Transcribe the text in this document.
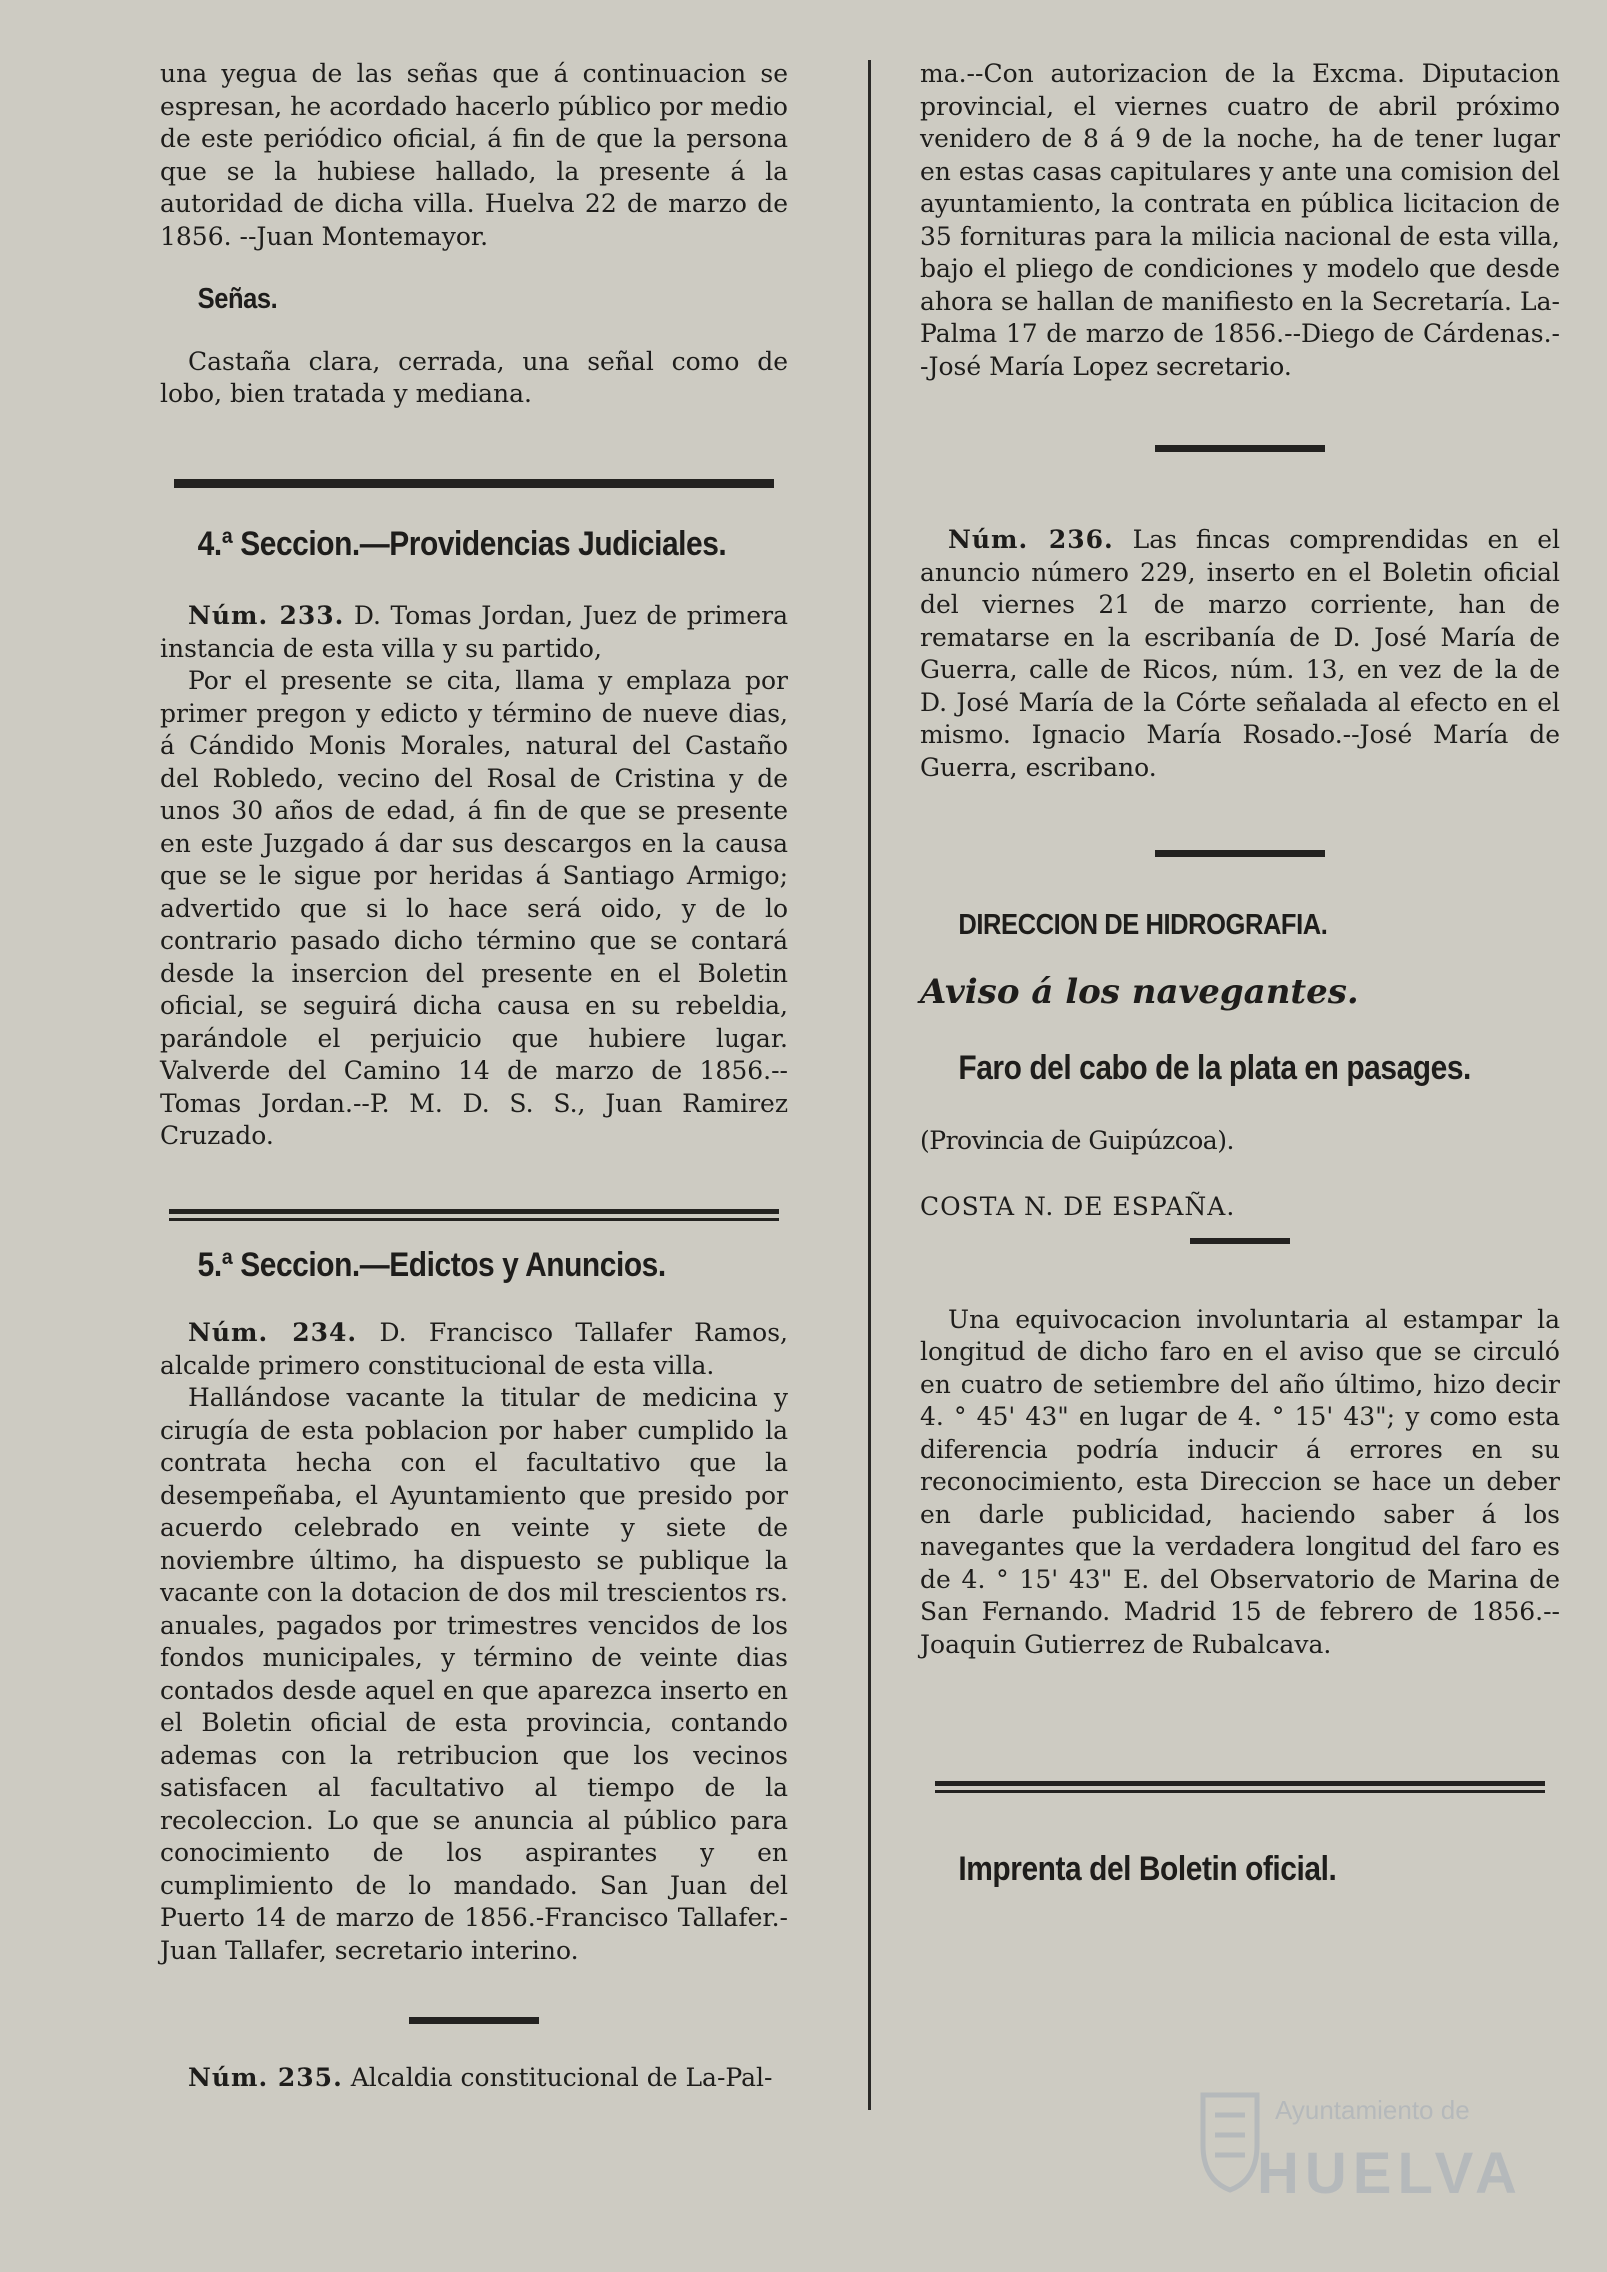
una yegua de las señas que á continuacion se espresan, he acordado hacerlo público por medio de este periódico oficial, á fin de que la persona que se la hubiese hallado, la presente á la autoridad de dicha villa. Huelva 22 de marzo de 1856. --Juan Montemayor.

Señas.

Castaña clara, cerrada, una señal como de lobo, bien tratada y mediana.

4.ª Seccion.—Providencias Judiciales.

Núm. 233. D. Tomas Jordan, Juez de primera instancia de esta villa y su partido,

Por el presente se cita, llama y emplaza por primer pregon y edicto y término de nueve dias, á Cándido Monis Morales, natural del Castaño del Robledo, vecino del Rosal de Cristina y de unos 30 años de edad, á fin de que se presente en este Juzgado á dar sus descargos en la causa que se le sigue por heridas á Santiago Armigo; advertido que si lo hace será oido, y de lo contrario pasado dicho término que se contará desde la insercion del presente en el Boletin oficial, se seguirá dicha causa en su rebeldia, parándole el perjuicio que hubiere lugar. Valverde del Camino 14 de marzo de 1856.--Tomas Jordan.--P. M. D. S. S., Juan Ramirez Cruzado.

5.ª Seccion.—Edictos y Anuncios.

Núm. 234. D. Francisco Tallafer Ramos, alcalde primero constitucional de esta villa.

Hallándose vacante la titular de medicina y cirugía de esta poblacion por haber cumplido la contrata hecha con el facultativo que la desempeñaba, el Ayuntamiento que presido por acuerdo celebrado en veinte y siete de noviembre último, ha dispuesto se publique la vacante con la dotacion de dos mil trescientos rs. anuales, pagados por trimestres vencidos de los fondos municipales, y término de veinte dias contados desde aquel en que aparezca inserto en el Boletin oficial de esta provincia, contando ademas con la retribucion que los vecinos satisfacen al facultativo al tiempo de la recoleccion. Lo que se anuncia al público para conocimiento de los aspirantes y en cumplimiento de lo mandado. San Juan del Puerto 14 de marzo de 1856.-Francisco Tallafer.-Juan Tallafer, secretario interino.

Núm. 235. Alcaldia constitucional de La-Pal-

ma.--Con autorizacion de la Excma. Diputacion provincial, el viernes cuatro de abril próximo venidero de 8 á 9 de la noche, ha de tener lugar en estas casas capitulares y ante una comision del ayuntamiento, la contrata en pública licitacion de 35 fornituras para la milicia nacional de esta villa, bajo el pliego de condiciones y modelo que desde ahora se hallan de manifiesto en la Secretaría. La-Palma 17 de marzo de 1856.--Diego de Cárdenas.--José María Lopez secretario.

Núm. 236. Las fincas comprendidas en el anuncio número 229, inserto en el Boletin oficial del viernes 21 de marzo corriente, han de rematarse en la escribanía de D. José María de Guerra, calle de Ricos, núm. 13, en vez de la de D. José María de la Córte señalada al efecto en el mismo. Ignacio María Rosado.--José María de Guerra, escribano.

DIRECCION DE HIDROGRAFIA.

Aviso á los navegantes.

Faro del cabo de la plata en pasages.

(Provincia de Guipúzcoa).

COSTA N. DE ESPAÑA.

Una equivocacion involuntaria al estampar la longitud de dicho faro en el aviso que se circuló en cuatro de setiembre del año último, hizo decir 4. ° 45' 43" en lugar de 4. ° 15' 43"; y como esta diferencia podría inducir á errores en su reconocimiento, esta Direccion se hace un deber en darle publicidad, haciendo saber á los navegantes que la verdadera longitud del faro es de 4. ° 15' 43" E. del Observatorio de Marina de San Fernando. Madrid 15 de febrero de 1856.--Joaquin Gutierrez de Rubalcava.

Imprenta del Boletin oficial.

Ayuntamiento de
HUELVA
